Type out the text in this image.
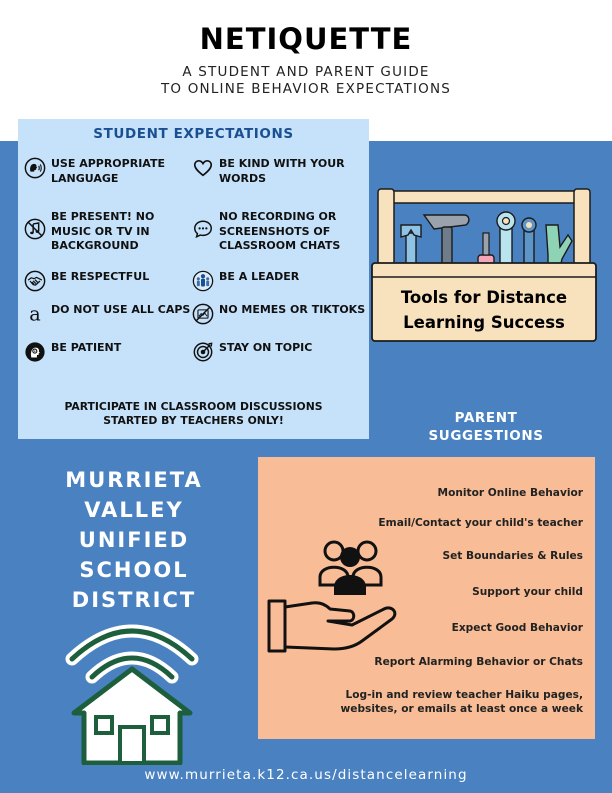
NETIQUETTE
A STUDENT AND PARENT GUIDE
TO ONLINE BEHAVIOR EXPECTATIONS
STUDENT EXPECTATIONS
USE APPROPRIATE LANGUAGE
BE KIND WITH YOUR WORDS
BE PRESENT! NO MUSIC OR TV IN BACKGROUND
NO RECORDING OR SCREENSHOTS OF CLASSROOM CHATS
BE RESPECTFUL	BE A LEADER
a DO NOT USE ALL CAPS	NO MEMES OR TIKTOKS
BE PATIENT	STAY ON TOPIC
PARTICIPATE IN CLASSROOM DISCUSSIONS
STARTED BY TEACHERS ONLY!
Tools for Distance
Learning Success
PARENT
SUGGESTIONS
MURRIETA
VALLEY
UNIFIED
SCHOOL
DISTRICT
Monitor Online Behavior
Email/Contact your child's teacher
Set Boundaries & Rules
Support your child
Expect Good Behavior
Report Alarming Behavior or Chats
Log-in and review teacher Haiku pages, websites, or emails at least once a week
www.murrieta.k12.ca.us/distancelearning
